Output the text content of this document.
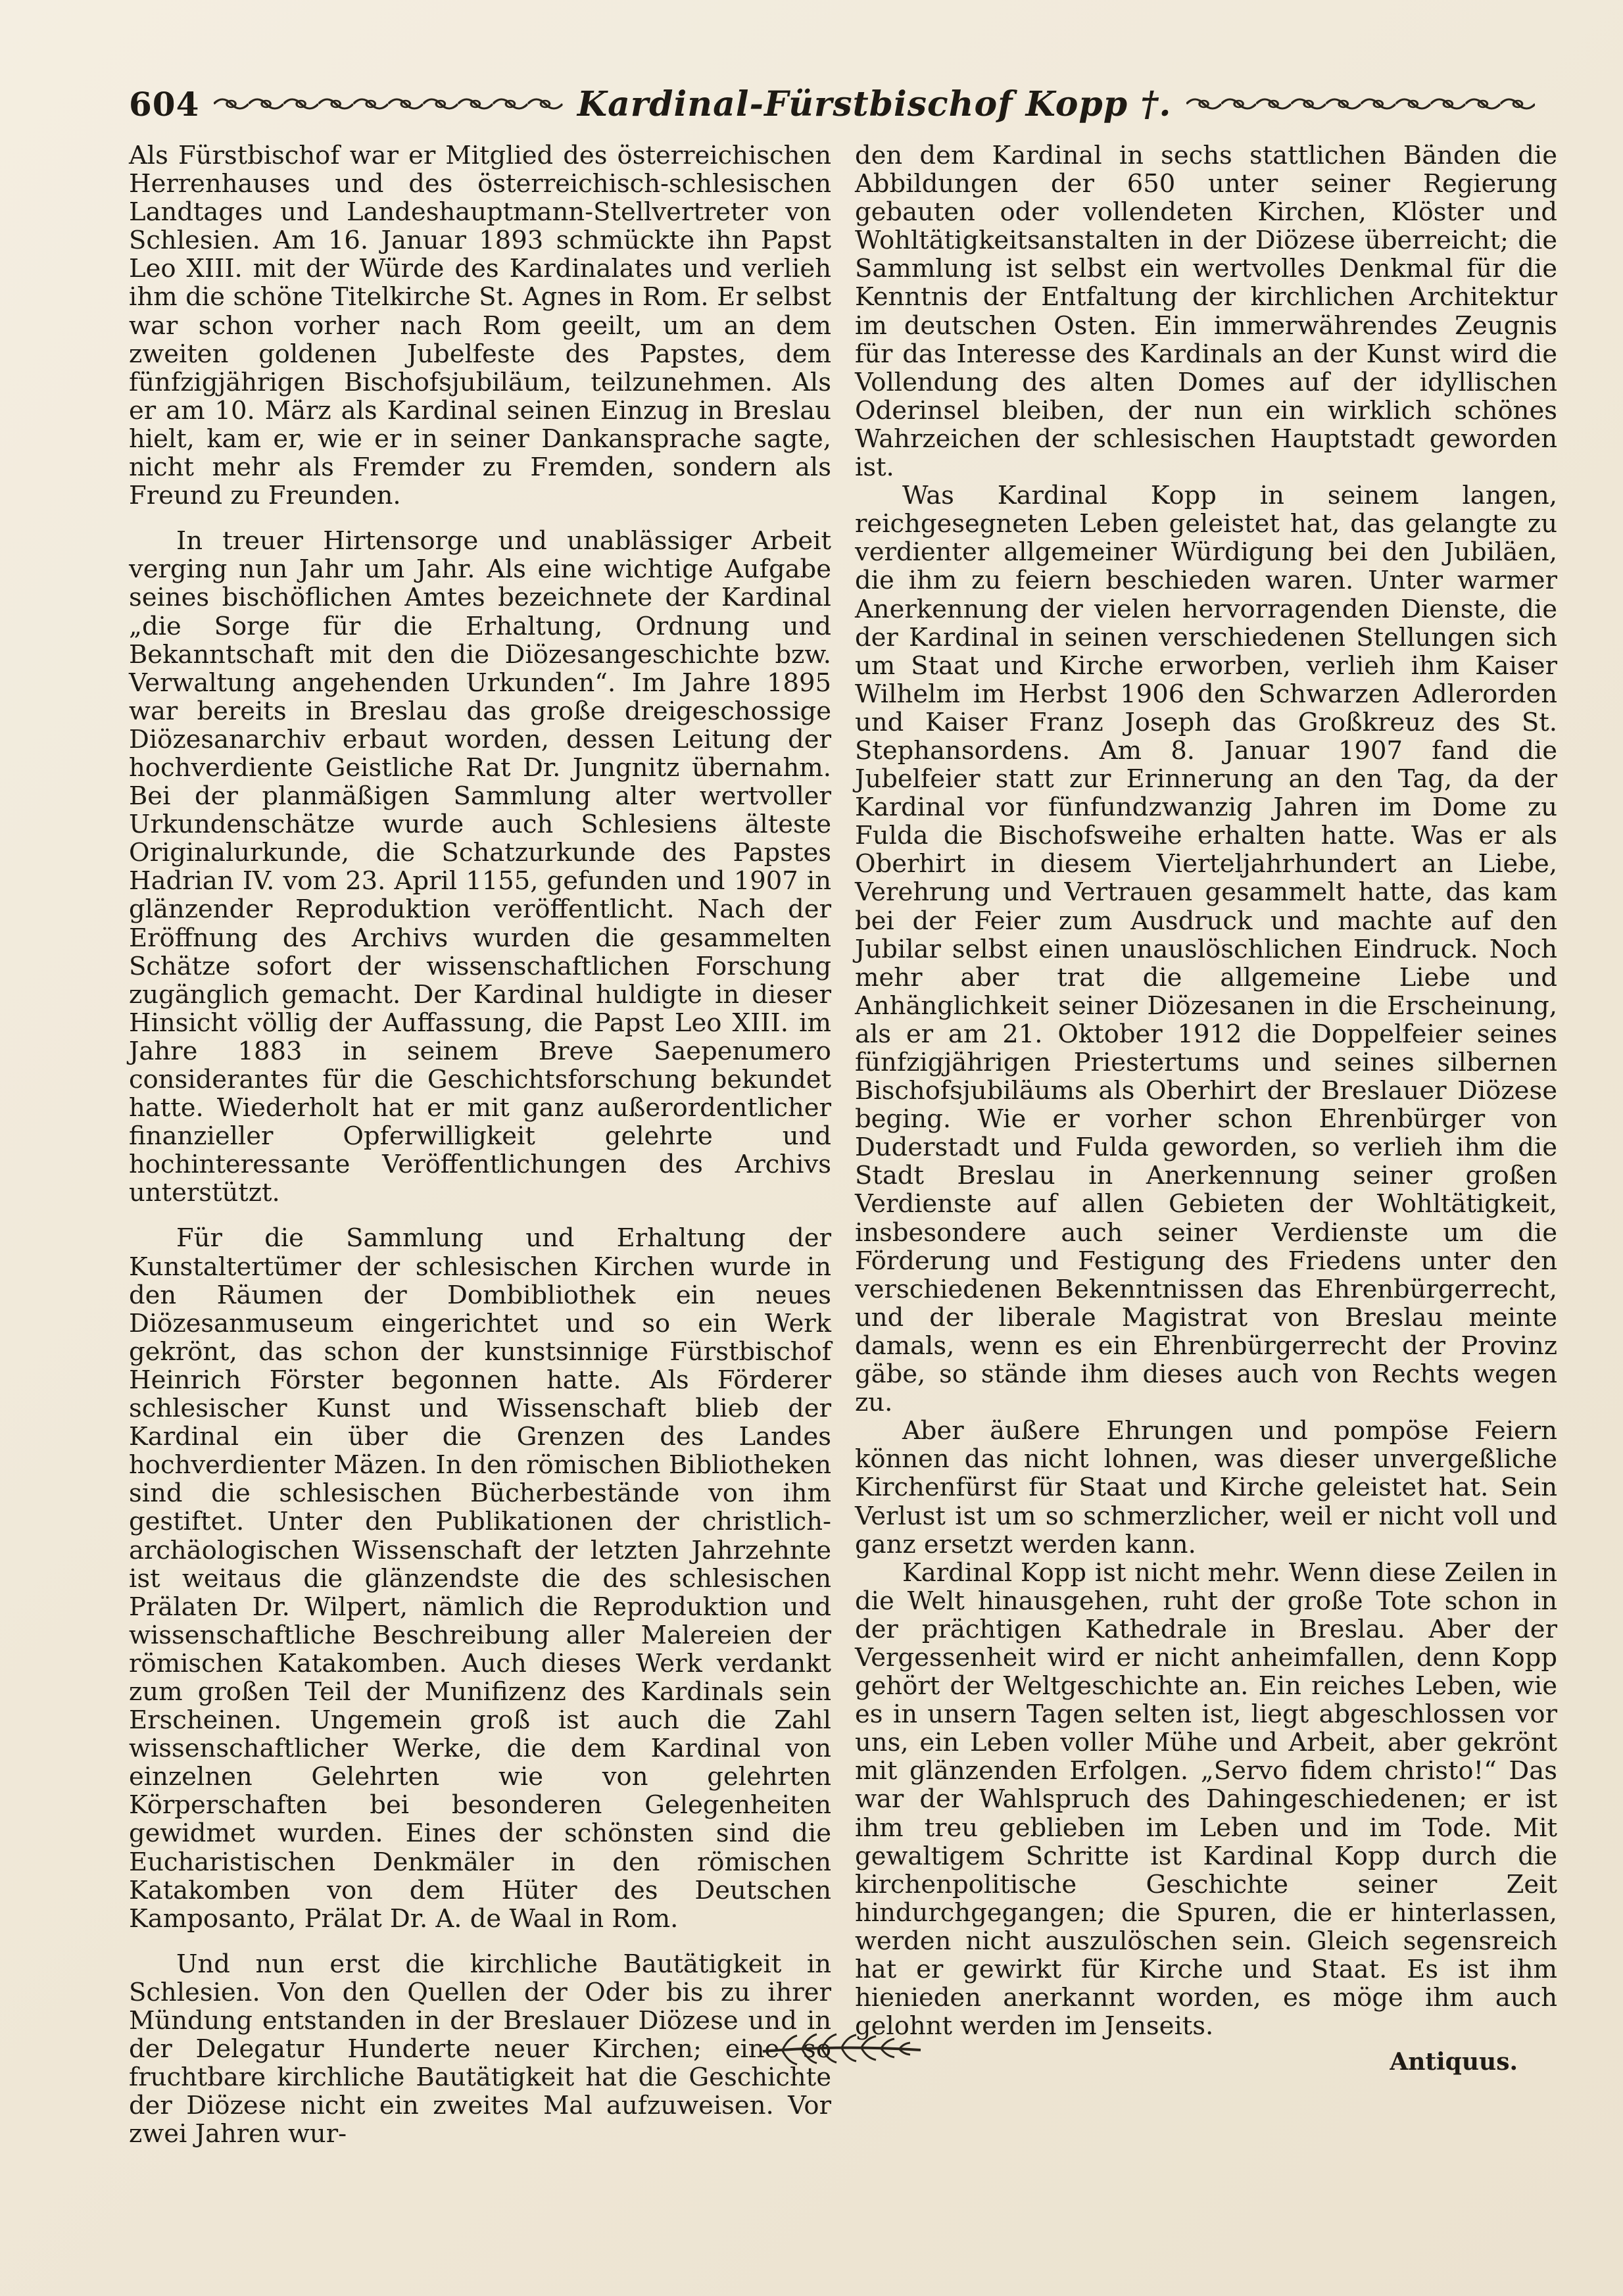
604	Kardinal-Fürstbischof Kopp †.

Als Fürstbischof war er Mitglied des österreichischen Herrenhauses und des österreichisch-schlesischen Landtages und Landeshauptmann-Stellvertreter von Schlesien. Am 16. Januar 1893 schmückte ihn Papst Leo XIII. mit der Würde des Kardinalates und verlieh ihm die schöne Titelkirche St. Agnes in Rom. Er selbst war schon vorher nach Rom geeilt, um an dem zweiten goldenen Jubelfeste des Papstes, dem fünfzigjährigen Bischofsjubiläum, teilzunehmen. Als er am 10. März als Kardinal seinen Einzug in Breslau hielt, kam er, wie er in seiner Dankansprache sagte, nicht mehr als Fremder zu Fremden, sondern als Freund zu Freunden.

In treuer Hirtensorge und unablässiger Arbeit verging nun Jahr um Jahr. Als eine wichtige Aufgabe seines bischöflichen Amtes bezeichnete der Kardinal „die Sorge für die Erhaltung, Ordnung und Bekanntschaft mit den die Diözesangeschichte bzw. Verwaltung angehenden Urkunden“. Im Jahre 1895 war bereits in Breslau das große dreigeschossige Diözesanarchiv erbaut worden, dessen Leitung der hochverdiente Geistliche Rat Dr. Jungnitz übernahm. Bei der planmäßigen Sammlung alter wertvoller Urkundenschätze wurde auch Schlesiens älteste Originalurkunde, die Schatzurkunde des Papstes Hadrian IV. vom 23. April 1155, gefunden und 1907 in glänzender Reproduktion veröffentlicht. Nach der Eröffnung des Archivs wurden die gesammelten Schätze sofort der wissenschaftlichen Forschung zugänglich gemacht. Der Kardinal huldigte in dieser Hinsicht völlig der Auffassung, die Papst Leo XIII. im Jahre 1883 in seinem Breve Saepenumero considerantes für die Geschichtsforschung bekundet hatte. Wiederholt hat er mit ganz außerordentlicher finanzieller Opferwilligkeit gelehrte und hochinteressante Veröffentlichungen des Archivs unterstützt.

Für die Sammlung und Erhaltung der Kunstaltertümer der schlesischen Kirchen wurde in den Räumen der Dombibliothek ein neues Diözesanmuseum eingerichtet und so ein Werk gekrönt, das schon der kunstsinnige Fürstbischof Heinrich Förster begonnen hatte. Als Förderer schlesischer Kunst und Wissenschaft blieb der Kardinal ein über die Grenzen des Landes hochverdienter Mäzen. In den römischen Bibliotheken sind die schlesischen Bücherbestände von ihm gestiftet. Unter den Publikationen der christlich-archäologischen Wissenschaft der letzten Jahrzehnte ist weitaus die glänzendste die des schlesischen Prälaten Dr. Wilpert, nämlich die Reproduktion und wissenschaftliche Beschreibung aller Malereien der römischen Katakomben. Auch dieses Werk verdankt zum großen Teil der Munifizenz des Kardinals sein Erscheinen. Ungemein groß ist auch die Zahl wissenschaftlicher Werke, die dem Kardinal von einzelnen Gelehrten wie von gelehrten Körperschaften bei besonderen Gelegenheiten gewidmet wurden. Eines der schönsten sind die Eucharistischen Denkmäler in den römischen Katakomben von dem Hüter des Deutschen Kamposanto, Prälat Dr. A. de Waal in Rom.

Und nun erst die kirchliche Bautätigkeit in Schlesien. Von den Quellen der Oder bis zu ihrer Mündung entstanden in der Breslauer Diözese und in der Delegatur Hunderte neuer Kirchen; eine so fruchtbare kirchliche Bautätigkeit hat die Geschichte der Diözese nicht ein zweites Mal aufzuweisen. Vor zwei Jahren wur-

den dem Kardinal in sechs stattlichen Bänden die Abbildungen der 650 unter seiner Regierung gebauten oder vollendeten Kirchen, Klöster und Wohltätigkeitsanstalten in der Diözese überreicht; die Sammlung ist selbst ein wertvolles Denkmal für die Kenntnis der Entfaltung der kirchlichen Architektur im deutschen Osten. Ein immerwährendes Zeugnis für das Interesse des Kardinals an der Kunst wird die Vollendung des alten Domes auf der idyllischen Oderinsel bleiben, der nun ein wirklich schönes Wahrzeichen der schlesischen Hauptstadt geworden ist.

Was Kardinal Kopp in seinem langen, reichgesegneten Leben geleistet hat, das gelangte zu verdienter allgemeiner Würdigung bei den Jubiläen, die ihm zu feiern beschieden waren. Unter warmer Anerkennung der vielen hervorragenden Dienste, die der Kardinal in seinen verschiedenen Stellungen sich um Staat und Kirche erworben, verlieh ihm Kaiser Wilhelm im Herbst 1906 den Schwarzen Adlerorden und Kaiser Franz Joseph das Großkreuz des St. Stephansordens. Am 8. Januar 1907 fand die Jubelfeier statt zur Erinnerung an den Tag, da der Kardinal vor fünfundzwanzig Jahren im Dome zu Fulda die Bischofsweihe erhalten hatte. Was er als Oberhirt in diesem Vierteljahrhundert an Liebe, Verehrung und Vertrauen gesammelt hatte, das kam bei der Feier zum Ausdruck und machte auf den Jubilar selbst einen unauslöschlichen Eindruck. Noch mehr aber trat die allgemeine Liebe und Anhänglichkeit seiner Diözesanen in die Erscheinung, als er am 21. Oktober 1912 die Doppelfeier seines fünfzigjährigen Priestertums und seines silbernen Bischofsjubiläums als Oberhirt der Breslauer Diözese beging. Wie er vorher schon Ehrenbürger von Duderstadt und Fulda geworden, so verlieh ihm die Stadt Breslau in Anerkennung seiner großen Verdienste auf allen Gebieten der Wohltätigkeit, insbesondere auch seiner Verdienste um die Förderung und Festigung des Friedens unter den verschiedenen Bekenntnissen das Ehrenbürgerrecht, und der liberale Magistrat von Breslau meinte damals, wenn es ein Ehrenbürgerrecht der Provinz gäbe, so stände ihm dieses auch von Rechts wegen zu.

Aber äußere Ehrungen und pompöse Feiern können das nicht lohnen, was dieser unvergeßliche Kirchenfürst für Staat und Kirche geleistet hat. Sein Verlust ist um so schmerzlicher, weil er nicht voll und ganz ersetzt werden kann.

Kardinal Kopp ist nicht mehr. Wenn diese Zeilen in die Welt hinausgehen, ruht der große Tote schon in der prächtigen Kathedrale in Breslau. Aber der Vergessenheit wird er nicht anheimfallen, denn Kopp gehört der Weltgeschichte an. Ein reiches Leben, wie es in unsern Tagen selten ist, liegt abgeschlossen vor uns, ein Leben voller Mühe und Arbeit, aber gekrönt mit glänzenden Erfolgen. „Servo fidem christo!“ Das war der Wahlspruch des Dahingeschiedenen; er ist ihm treu geblieben im Leben und im Tode. Mit gewaltigem Schritte ist Kardinal Kopp durch die kirchenpolitische Geschichte seiner Zeit hindurchgegangen; die Spuren, die er hinterlassen, werden nicht auszulöschen sein. Gleich segensreich hat er gewirkt für Kirche und Staat. Es ist ihm hienieden anerkannt worden, es möge ihm auch gelohnt werden im Jenseits.

Antiquus.
